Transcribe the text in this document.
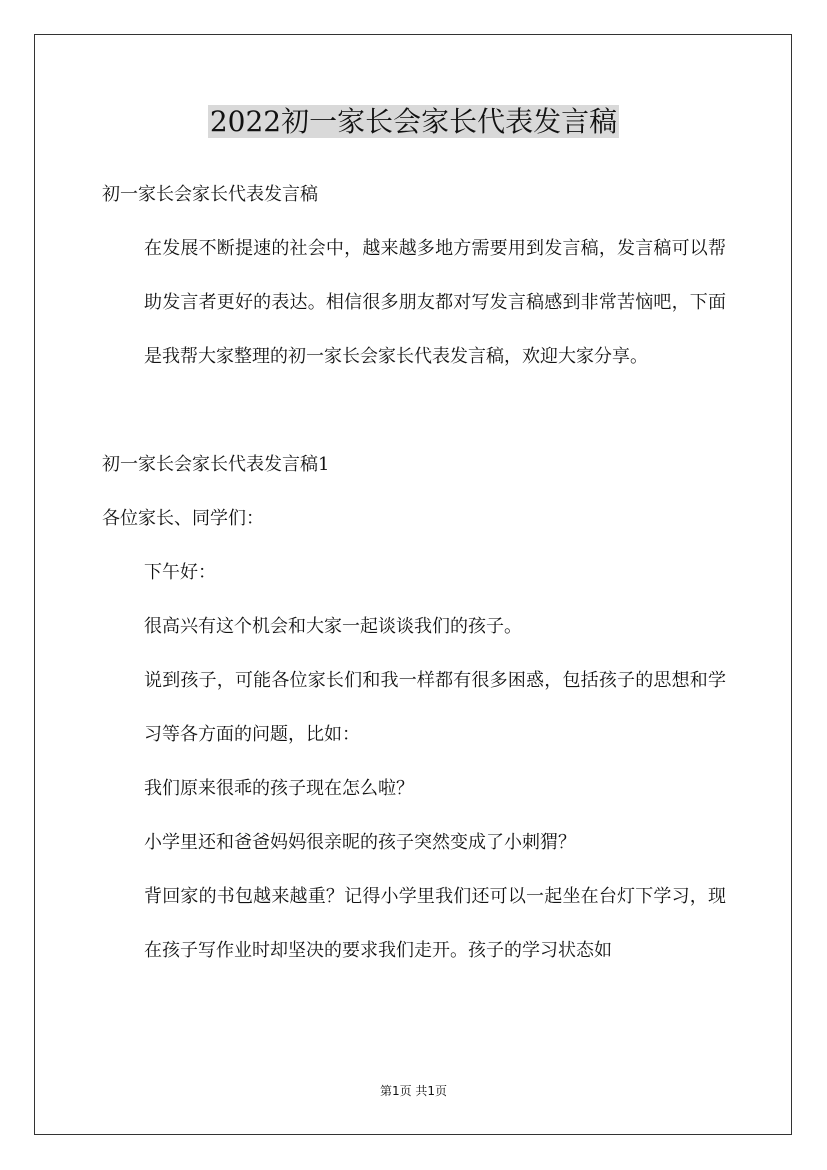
2022初一家长会家长代表发言稿

初一家长会家长代表发言稿

在发展不断提速的社会中，越来越多地方需要用到发言稿，发言稿可以帮助发言者更好的表达。相信很多朋友都对写发言稿感到非常苦恼吧，下面是我帮大家整理的初一家长会家长代表发言稿，欢迎大家分享。

初一家长会家长代表发言稿1

各位家长、同学们：

下午好：

很高兴有这个机会和大家一起谈谈我们的孩子。

说到孩子，可能各位家长们和我一样都有很多困惑，包括孩子的思想和学习等各方面的问题，比如：

我们原来很乖的孩子现在怎么啦？

小学里还和爸爸妈妈很亲昵的孩子突然变成了小刺猬？

背回家的书包越来越重？记得小学里我们还可以一起坐在台灯下学习，现在孩子写作业时却坚决的要求我们走开。孩子的学习状态如

第1页 共1页
